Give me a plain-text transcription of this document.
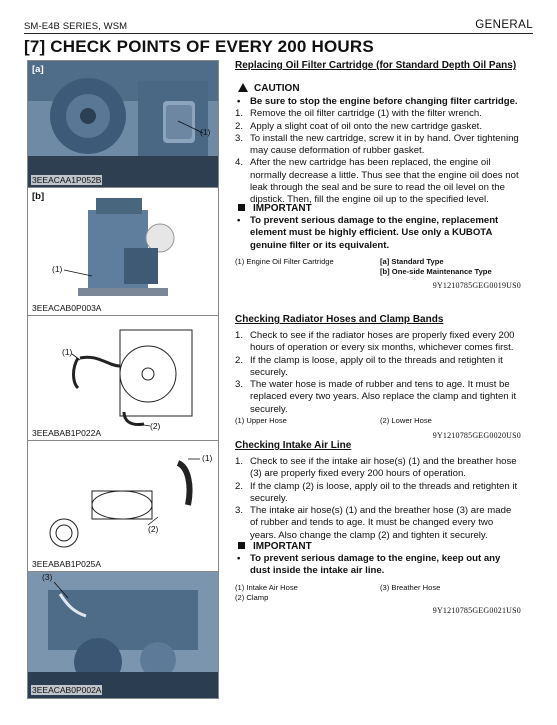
SM-E4B SERIES, WSM	GENERAL
[7] CHECK POINTS OF EVERY 200 HOURS
[a]
(1)
3EEACAA1P052B
[b]
(1)
3EEACAB0P003A
(1)
(2)
3EEABAB1P022A
(1)
(2)
3EEABAB1P025A
(3)
3EEACAB0P002A
Replacing Oil Filter Cartridge (for Standard Depth Oil Pans)
CAUTION

• Be sure to stop the engine before changing filter cartridge.

1. Remove the oil filter cartridge (1) with the filter wrench.

2. Apply a slight coat of oil onto the new cartridge gasket.

3. To install the new cartridge, screw it in by hand. Over tightening may cause deformation of rubber gasket.

4. After the new cartridge has been replaced, the engine oil normally decrease a little. Thus see that the engine oil does not leak through the seal and be sure to read the oil level on the dipstick. Then, fill the engine oil up to the specified level.

IMPORTANT

• To prevent serious damage to the engine, replacement element must be highly efficient. Use only a KUBOTA genuine filter or its equivalent.

(1) Engine Oil Filter Cartridge	[a] Standard Type
[b] One-side Maintenance Type
9Y1210785GEG0019US0
Checking Radiator Hoses and Clamp Bands

1. Check to see if the radiator hoses are properly fixed every 200 hours of operation or every six months, whichever comes first.

2. If the clamp is loose, apply oil to the threads and retighten it securely.

3. The water hose is made of rubber and tens to age. It must be replaced every two years. Also replace the clamp and tighten it securely.

(1) Upper Hose	(2) Lower Hose
9Y1210785GEG0020US0
Checking Intake Air Line

1. Check to see if the intake air hose(s) (1) and the breather hose (3) are properly fixed every 200 hours of operation.

2. If the clamp (2) is loose, apply oil to the threads and retighten it securely.

3. The intake air hose(s) (1) and the breather hose (3) are made of rubber and tends to age. It must be changed every two years. Also change the clamp (2) and tighten it securely.

IMPORTANT

• To prevent serious damage to the engine, keep out any dust inside the intake air line.

(1) Intake Air Hose	(3) Breather Hose
(2) Clamp
9Y1210785GEG0021US0
